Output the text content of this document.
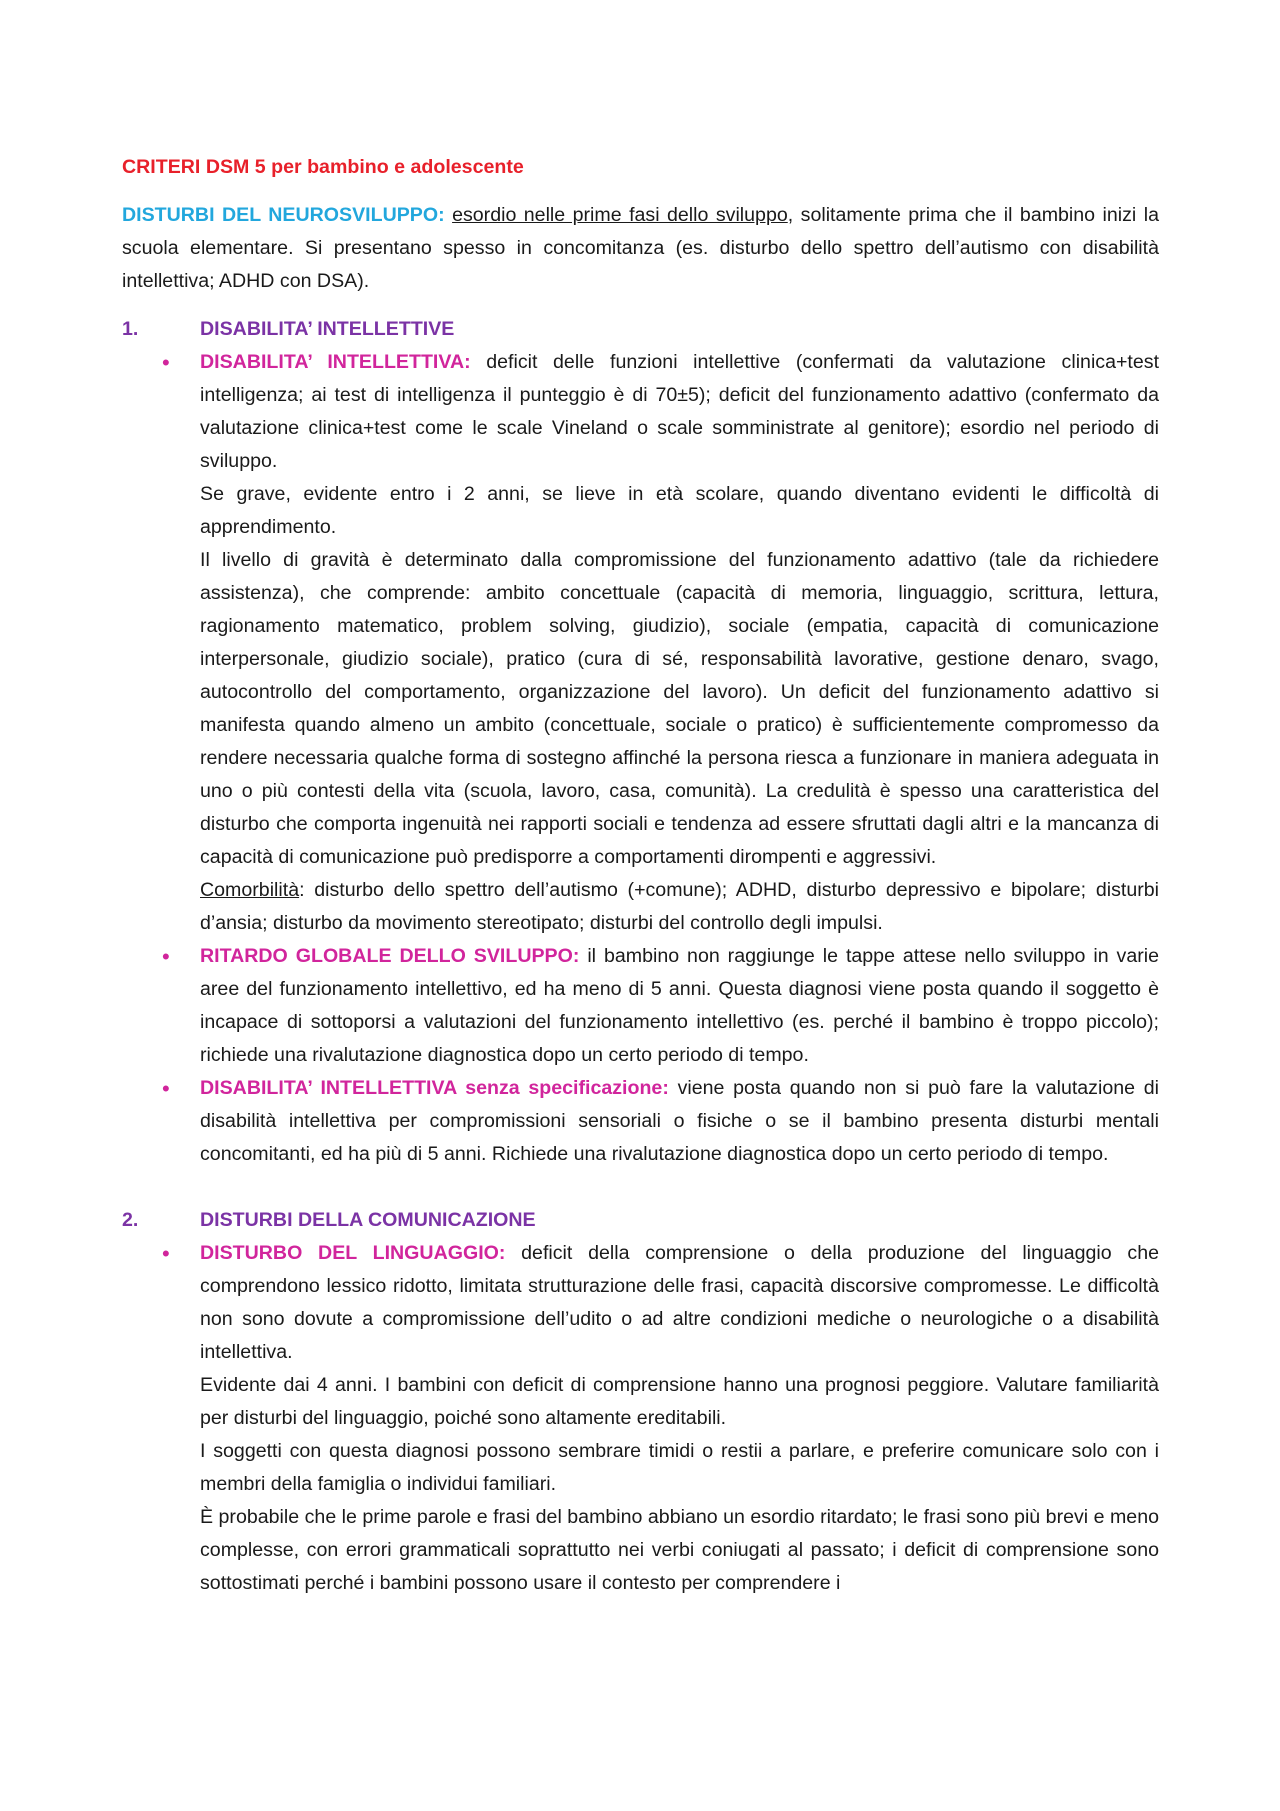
CRITERI DSM 5 per bambino e adolescente

DISTURBI DEL NEUROSVILUPPO: esordio nelle prime fasi dello sviluppo, solitamente prima che il bambino inizi la scuola elementare. Si presentano spesso in concomitanza (es. disturbo dello spettro dell’autismo con disabilità intellettiva; ADHD con DSA).

1.	DISABILITA’ INTELLETTIVE
• DISABILITA’ INTELLETTIVA: deficit delle funzioni intellettive (confermati da valutazione clinica+test intelligenza; ai test di intelligenza il punteggio è di 70±5); deficit del funzionamento adattivo (confermato da valutazione clinica+test come le scale Vineland o scale somministrate al genitore); esordio nel periodo di sviluppo.
Se grave, evidente entro i 2 anni, se lieve in età scolare, quando diventano evidenti le difficoltà di apprendimento.
Il livello di gravità è determinato dalla compromissione del funzionamento adattivo (tale da richiedere assistenza), che comprende: ambito concettuale (capacità di memoria, linguaggio, scrittura, lettura, ragionamento matematico, problem solving, giudizio), sociale (empatia, capacità di comunicazione interpersonale, giudizio sociale), pratico (cura di sé, responsabilità lavorative, gestione denaro, svago, autocontrollo del comportamento, organizzazione del lavoro). Un deficit del funzionamento adattivo si manifesta quando almeno un ambito (concettuale, sociale o pratico) è sufficientemente compromesso da rendere necessaria qualche forma di sostegno affinché la persona riesca a funzionare in maniera adeguata in uno o più contesti della vita (scuola, lavoro, casa, comunità). La credulità è spesso una caratteristica del disturbo che comporta ingenuità nei rapporti sociali e tendenza ad essere sfruttati dagli altri e la mancanza di capacità di comunicazione può predisporre a comportamenti dirompenti e aggressivi.
Comorbilità: disturbo dello spettro dell’autismo (+comune); ADHD, disturbo depressivo e bipolare; disturbi d’ansia; disturbo da movimento stereotipato; disturbi del controllo degli impulsi.
• RITARDO GLOBALE DELLO SVILUPPO: il bambino non raggiunge le tappe attese nello sviluppo in varie aree del funzionamento intellettivo, ed ha meno di 5 anni. Questa diagnosi viene posta quando il soggetto è incapace di sottoporsi a valutazioni del funzionamento intellettivo (es. perché il bambino è troppo piccolo); richiede una rivalutazione diagnostica dopo un certo periodo di tempo.
• DISABILITA’ INTELLETTIVA senza specificazione: viene posta quando non si può fare la valutazione di disabilità intellettiva per compromissioni sensoriali o fisiche o se il bambino presenta disturbi mentali concomitanti, ed ha più di 5 anni. Richiede una rivalutazione diagnostica dopo un certo periodo di tempo.
2.	DISTURBI DELLA COMUNICAZIONE
• DISTURBO DEL LINGUAGGIO: deficit della comprensione o della produzione del linguaggio che comprendono lessico ridotto, limitata strutturazione delle frasi, capacità discorsive compromesse. Le difficoltà non sono dovute a compromissione dell’udito o ad altre condizioni mediche o neurologiche o a disabilità intellettiva.
Evidente dai 4 anni. I bambini con deficit di comprensione hanno una prognosi peggiore. Valutare familiarità per disturbi del linguaggio, poiché sono altamente ereditabili.
I soggetti con questa diagnosi possono sembrare timidi o restii a parlare, e preferire comunicare solo con i membri della famiglia o individui familiari.
È probabile che le prime parole e frasi del bambino abbiano un esordio ritardato; le frasi sono più brevi e meno complesse, con errori grammaticali soprattutto nei verbi coniugati al passato; i deficit di comprensione sono sottostimati perché i bambini possono usare il contesto per comprendere i
